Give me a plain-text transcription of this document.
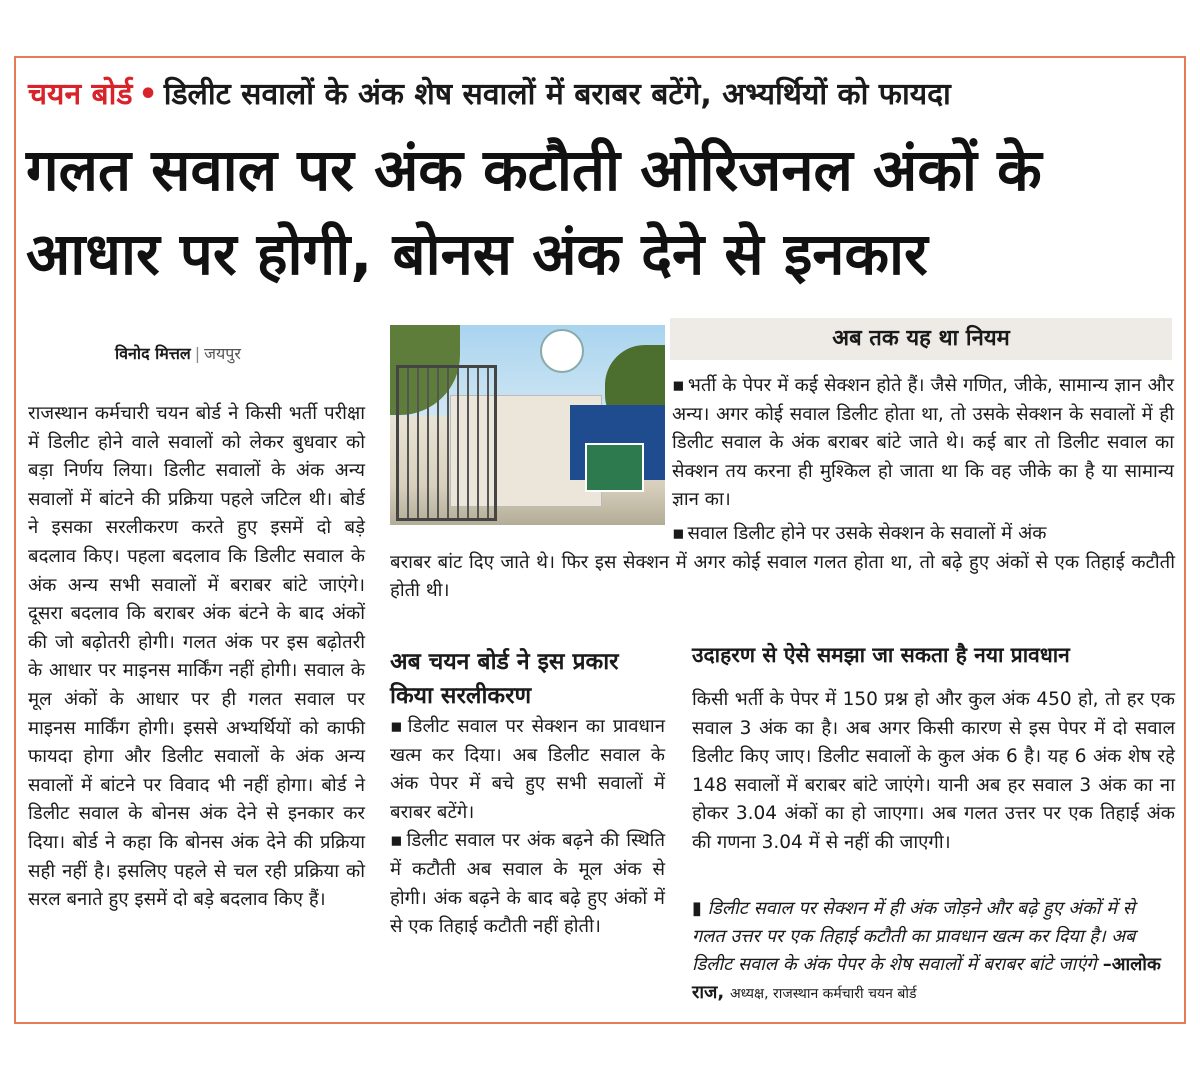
चयन बोर्ड • डिलीट सवालों के अंक शेष सवालों में बराबर बटेंगे, अभ्यर्थियों को फायदा
गलत सवाल पर अंक कटौती ओरिजनल अंकों के आधार पर होगी, बोनस अंक देने से इनकार
विनोद मित्तल | जयपुर

राजस्थान कर्मचारी चयन बोर्ड ने किसी भर्ती परीक्षा में डिलीट होने वाले सवालों को लेकर बुधवार को बड़ा निर्णय लिया। डिलीट सवालों के अंक अन्य सवालों में बांटने की प्रक्रिया पहले जटिल थी। बोर्ड ने इसका सरलीकरण करते हुए इसमें दो बड़े बदलाव किए। पहला बदलाव कि डिलीट सवाल के अंक अन्य सभी सवालों में बराबर बांटे जाएंगे। दूसरा बदलाव कि बराबर अंक बंटने के बाद अंकों की जो बढ़ोतरी होगी। गलत अंक पर इस बढ़ोतरी के आधार पर माइनस मार्किंग नहीं होगी। सवाल के मूल अंकों के आधार पर ही गलत सवाल पर माइनस मार्किंग होगी। इससे अभ्यर्थियों को काफी फायदा होगा और डिलीट सवालों के अंक अन्य सवालों में बांटने पर विवाद भी नहीं होगा। बोर्ड ने डिलीट सवाल के बोनस अंक देने से इनकार कर दिया। बोर्ड ने कहा कि बोनस अंक देने की प्रक्रिया सही नहीं है। इसलिए पहले से चल रही प्रक्रिया को सरल बनाते हुए इसमें दो बड़े बदलाव किए हैं।

अब तक यह था नियम

▪ भर्ती के पेपर में कई सेक्शन होते हैं। जैसे गणित, जीके, सामान्य ज्ञान और अन्य। अगर कोई सवाल डिलीट होता था, तो उसके सेक्शन के सवालों में ही डिलीट सवाल के अंक बराबर बांटे जाते थे। कई बार तो डिलीट सवाल का सेक्शन तय करना ही मुश्किल हो जाता था कि वह जीके का है या सामान्य ज्ञान का।

▪ सवाल डिलीट होने पर उसके सेक्शन के सवालों में अंक

बराबर बांट दिए जाते थे। फिर इस सेक्शन में अगर कोई सवाल गलत होता था, तो बढ़े हुए अंकों से एक तिहाई कटौती होती थी।

अब चयन बोर्ड ने इस प्रकार किया सरलीकरण

▪ डिलीट सवाल पर सेक्शन का प्रावधान खत्म कर दिया। अब डिलीट सवाल के अंक पेपर में बचे हुए सभी सवालों में बराबर बटेंगे।

▪ डिलीट सवाल पर अंक बढ़ने की स्थिति में कटौती अब सवाल के मूल अंक से होगी। अंक बढ़ने के बाद बढ़े हुए अंकों में से एक तिहाई कटौती नहीं होती।

उदाहरण से ऐसे समझा जा सकता है नया प्रावधान

किसी भर्ती के पेपर में 150 प्रश्न हो और कुल अंक 450 हो, तो हर एक सवाल 3 अंक का है। अब अगर किसी कारण से इस पेपर में दो सवाल डिलीट किए जाए। डिलीट सवालों के कुल अंक 6 है। यह 6 अंक शेष रहे 148 सवालों में बराबर बांटे जाएंगे। यानी अब हर सवाल 3 अंक का ना होकर 3.04 अंकों का हो जाएगा। अब गलत उत्तर पर एक तिहाई अंक की गणना 3.04 में से नहीं की जाएगी।

▮ डिलीट सवाल पर सेक्शन में ही अंक जोड़ने और बढ़े हुए अंकों में से गलत उत्तर पर एक तिहाई कटौती का प्रावधान खत्म कर दिया है। अब डिलीट सवाल के अंक पेपर के शेष सवालों में बराबर बांटे जाएंगे –आलोक राज, अध्यक्ष, राजस्थान कर्मचारी चयन बोर्ड
